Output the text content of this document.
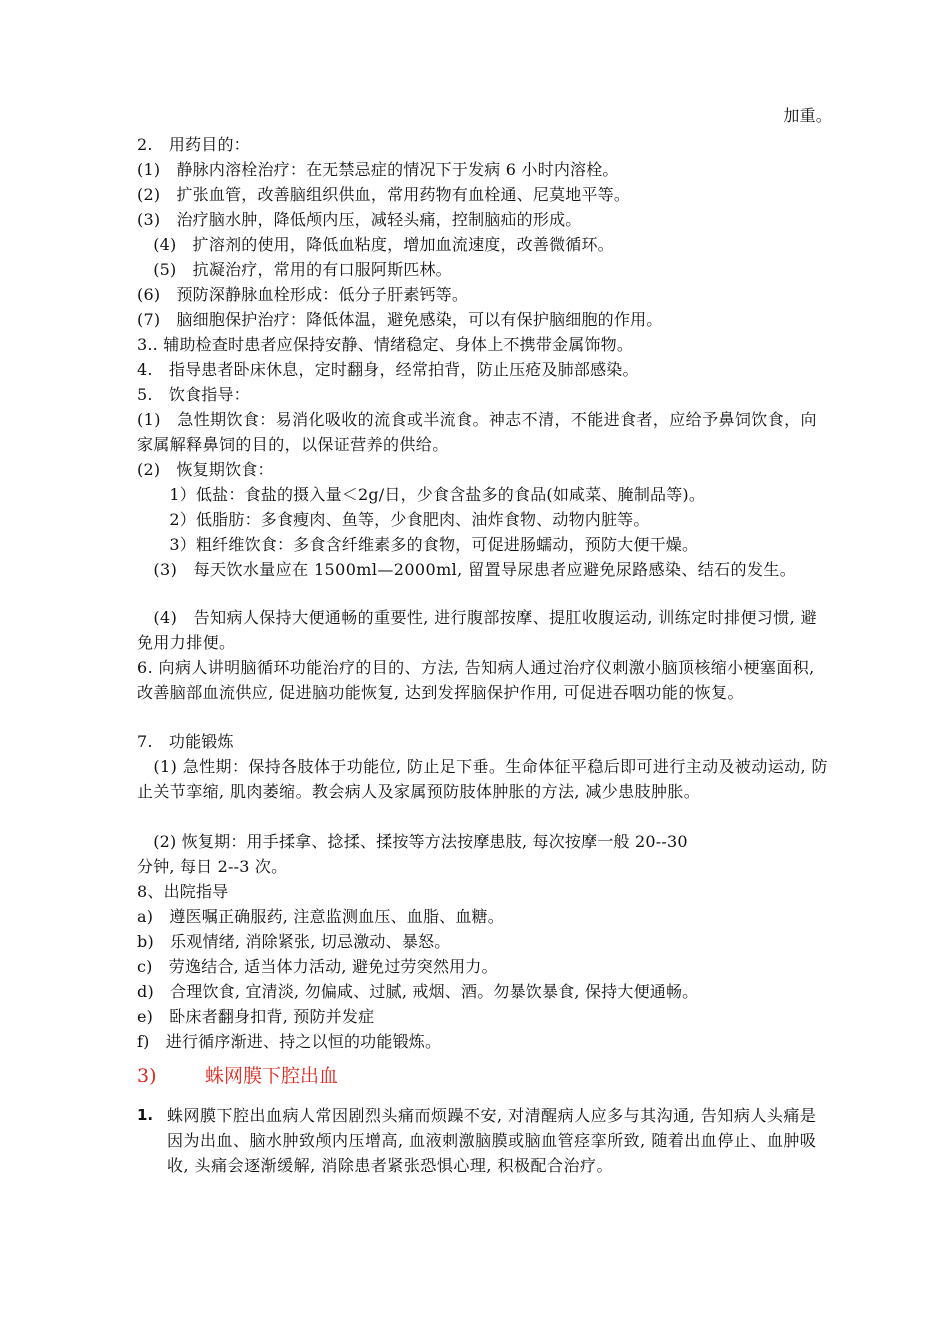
加重。
2.　用药目的：
(1)　静脉内溶栓治疗：在无禁忌症的情况下于发病 6 小时内溶栓。
(2)　扩张血管，改善脑组织供血，常用药物有血栓通、尼莫地平等。
(3)　治疗脑水肿，降低颅内压，减轻头痛，控制脑疝的形成。
　(4)　扩溶剂的使用，降低血粘度，增加血流速度，改善微循环。
　(5)　抗凝治疗，常用的有口服阿斯匹林。
(6)　预防深静脉血栓形成：低分子肝素钙等。
(7)　脑细胞保护治疗：降低体温，避免感染，可以有保护脑细胞的作用。
3.. 辅助检查时患者应保持安静、情绪稳定、身体上不携带金属饰物。
4.　指导患者卧床休息，定时翻身，经常拍背，防止压疮及肺部感染。
5.　饮食指导：
(1)　急性期饮食：易消化吸收的流食或半流食。神志不清，不能进食者，应给予鼻饲饮食，向家属解释鼻饲的目的，以保证营养的供给。
(2)　恢复期饮食：
　　1）低盐：食盐的摄入量＜2g/日，少食含盐多的食品(如咸菜、腌制品等)。
　　2）低脂肪：多食瘦肉、鱼等，少食肥肉、油炸食物、动物内脏等。
　　3）粗纤维饮食：多食含纤维素多的食物，可促进肠蠕动，预防大便干燥。
　(3)　每天饮水量应在 1500ml—2000ml, 留置导尿患者应避免尿路感染、结石的发生。
　(4)　告知病人保持大便通畅的重要性, 进行腹部按摩、提肛收腹运动, 训练定时排便习惯, 避免用力排便。
6. 向病人讲明脑循环功能治疗的目的、方法, 告知病人通过治疗仪刺激小脑顶核缩小梗塞面积, 改善脑部血流供应, 促进脑功能恢复, 达到发挥脑保护作用, 可促进吞咽功能的恢复。
7.　功能锻炼
　(1) 急性期：保持各肢体于功能位, 防止足下垂。生命体征平稳后即可进行主动及被动运动, 防止关节挛缩, 肌肉萎缩。教会病人及家属预防肢体肿胀的方法, 减少患肢肿胀。
　(2) 恢复期：用手揉拿、捻揉、揉按等方法按摩患肢, 每次按摩一般 20--30
分钟, 每日 2--3 次。
8、出院指导
a)　遵医嘱正确服药, 注意监测血压、血脂、血糖。
b)　乐观情绪, 消除紧张, 切忌激动、暴怒。
c)　劳逸结合, 适当体力活动, 避免过劳突然用力。
d)　合理饮食, 宜清淡, 勿偏咸、过腻, 戒烟、酒。勿暴饮暴食, 保持大便通畅。
e)　卧床者翻身扣背, 预防并发症
f)　进行循序渐进、持之以恒的功能锻炼。
3)	蛛网膜下腔出血
1. 蛛网膜下腔出血病人常因剧烈头痛而烦躁不安, 对清醒病人应多与其沟通, 告知病人头痛是因为出血、脑水肿致颅内压增高, 血液刺激脑膜或脑血管痉挛所致, 随着出血停止、血肿吸收, 头痛会逐渐缓解, 消除患者紧张恐惧心理, 积极配合治疗。
